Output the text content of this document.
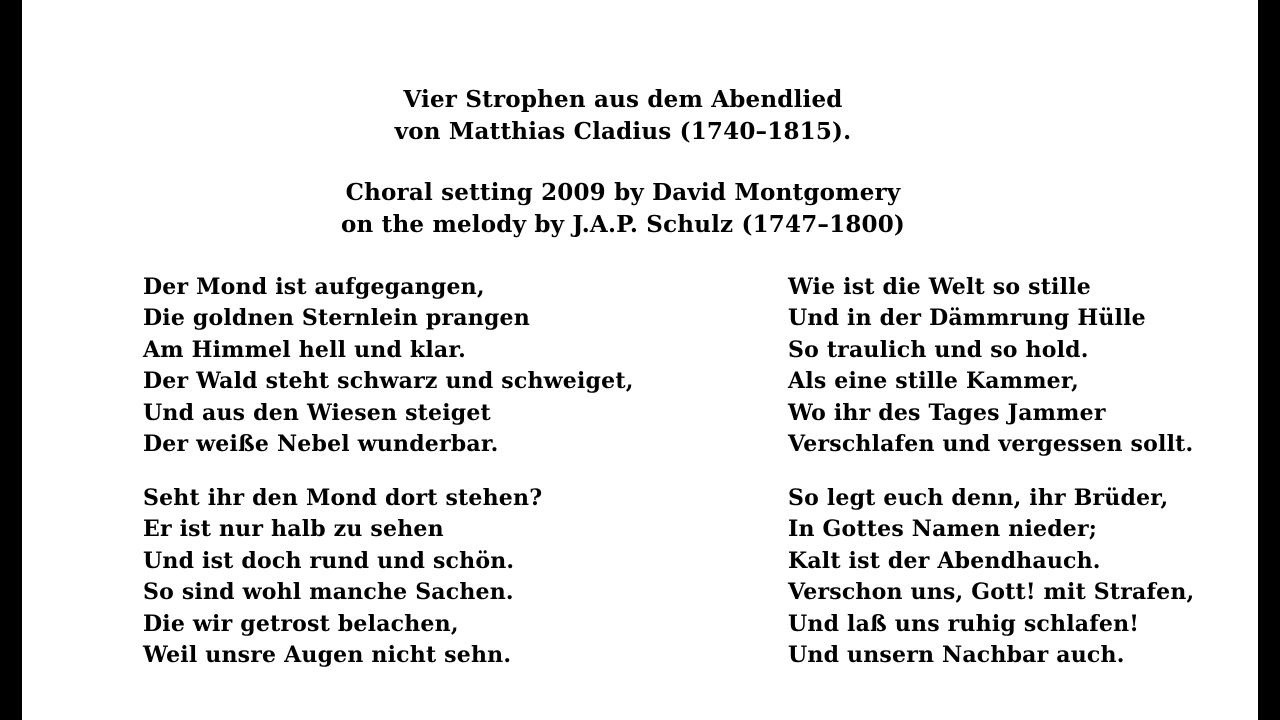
Vier Strophen aus dem Abendlied
von Matthias Cladius (1740–1815).
Choral setting 2009 by David Montgomery
on the melody by J.A.P. Schulz (1747–1800)
Der Mond ist aufgegangen,
Die goldnen Sternlein prangen
Am Himmel hell und klar.
Der Wald steht schwarz und schweiget,
Und aus den Wiesen steiget
Der weiße Nebel wunderbar.
Seht ihr den Mond dort stehen?
Er ist nur halb zu sehen
Und ist doch rund und schön.
So sind wohl manche Sachen.
Die wir getrost belachen,
Weil unsre Augen nicht sehn.
Wie ist die Welt so stille
Und in der Dämmrung Hülle
So traulich und so hold.
Als eine stille Kammer,
Wo ihr des Tages Jammer
Verschlafen und vergessen sollt.
So legt euch denn, ihr Brüder,
In Gottes Namen nieder;
Kalt ist der Abendhauch.
Verschon uns, Gott! mit Strafen,
Und laß uns ruhig schlafen!
Und unsern Nachbar auch.
